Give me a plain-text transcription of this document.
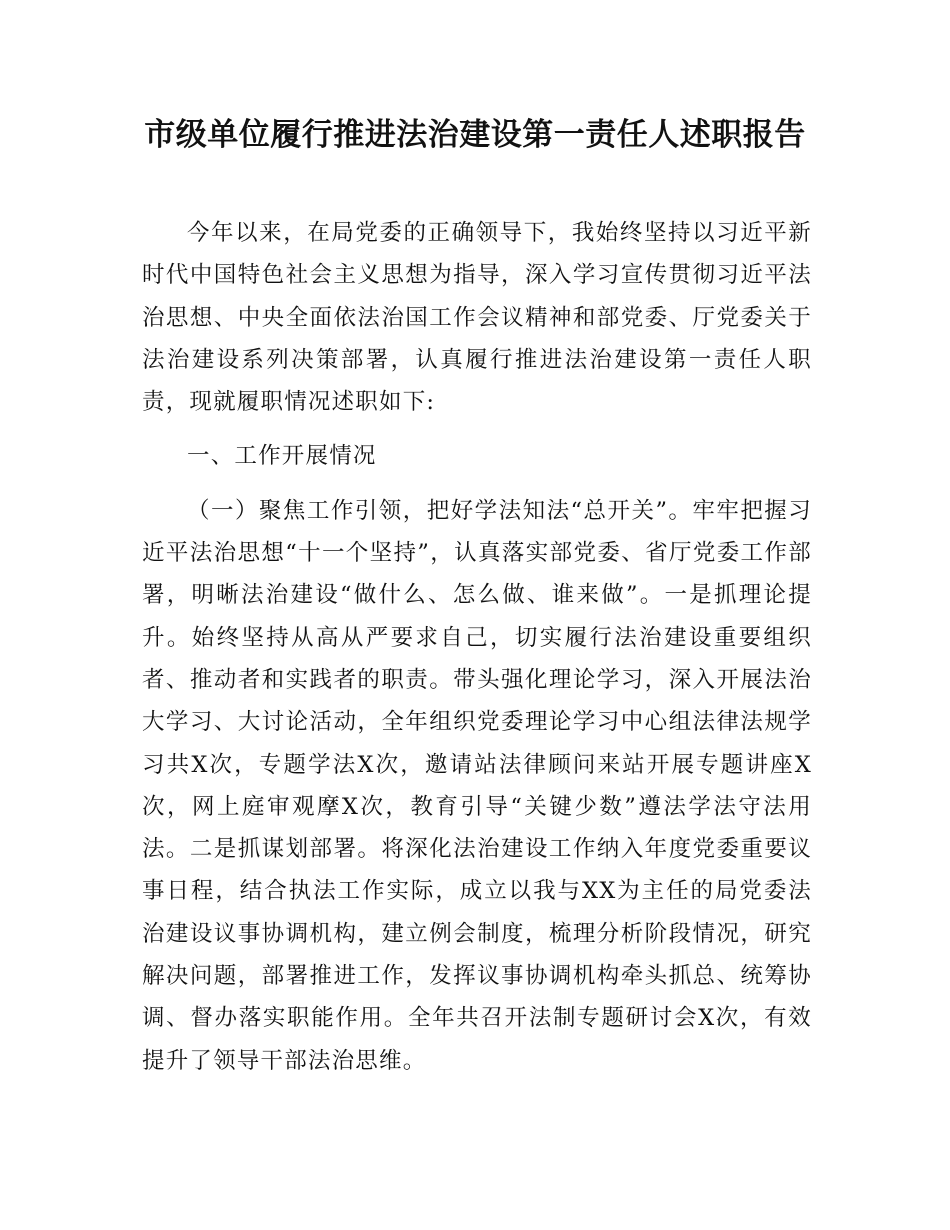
市级单位履行推进法治建设第一责任人述职报告

今年以来，在局党委的正确领导下，我始终坚持以习近平新时代中国特色社会主义思想为指导，深入学习宣传贯彻习近平法治思想、中央全面依法治国工作会议精神和部党委、厅党委关于法治建设系列决策部署，认真履行推进法治建设第一责任人职责，现就履职情况述职如下:

一、工作开展情况

（一）聚焦工作引领，把好学法知法“总开关”。牢牢把握习近平法治思想“十一个坚持”，认真落实部党委、省厅党委工作部署，明晰法治建设“做什么、怎么做、谁来做”。一是抓理论提升。始终坚持从高从严要求自己，切实履行法治建设重要组织者、推动者和实践者的职责。带头强化理论学习，深入开展法治大学习、大讨论活动，全年组织党委理论学习中心组法律法规学习共X次，专题学法X次，邀请站法律顾问来站开展专题讲座X次，网上庭审观摩X次，教育引导“关键少数”遵法学法守法用法。二是抓谋划部署。将深化法治建设工作纳入年度党委重要议事日程，结合执法工作实际，成立以我与XX为主任的局党委法治建设议事协调机构，建立例会制度，梳理分析阶段情况，研究解决问题，部署推进工作，发挥议事协调机构牵头抓总、统筹协调、督办落实职能作用。全年共召开法制专题研讨会X次，有效提升了领导干部法治思维。
